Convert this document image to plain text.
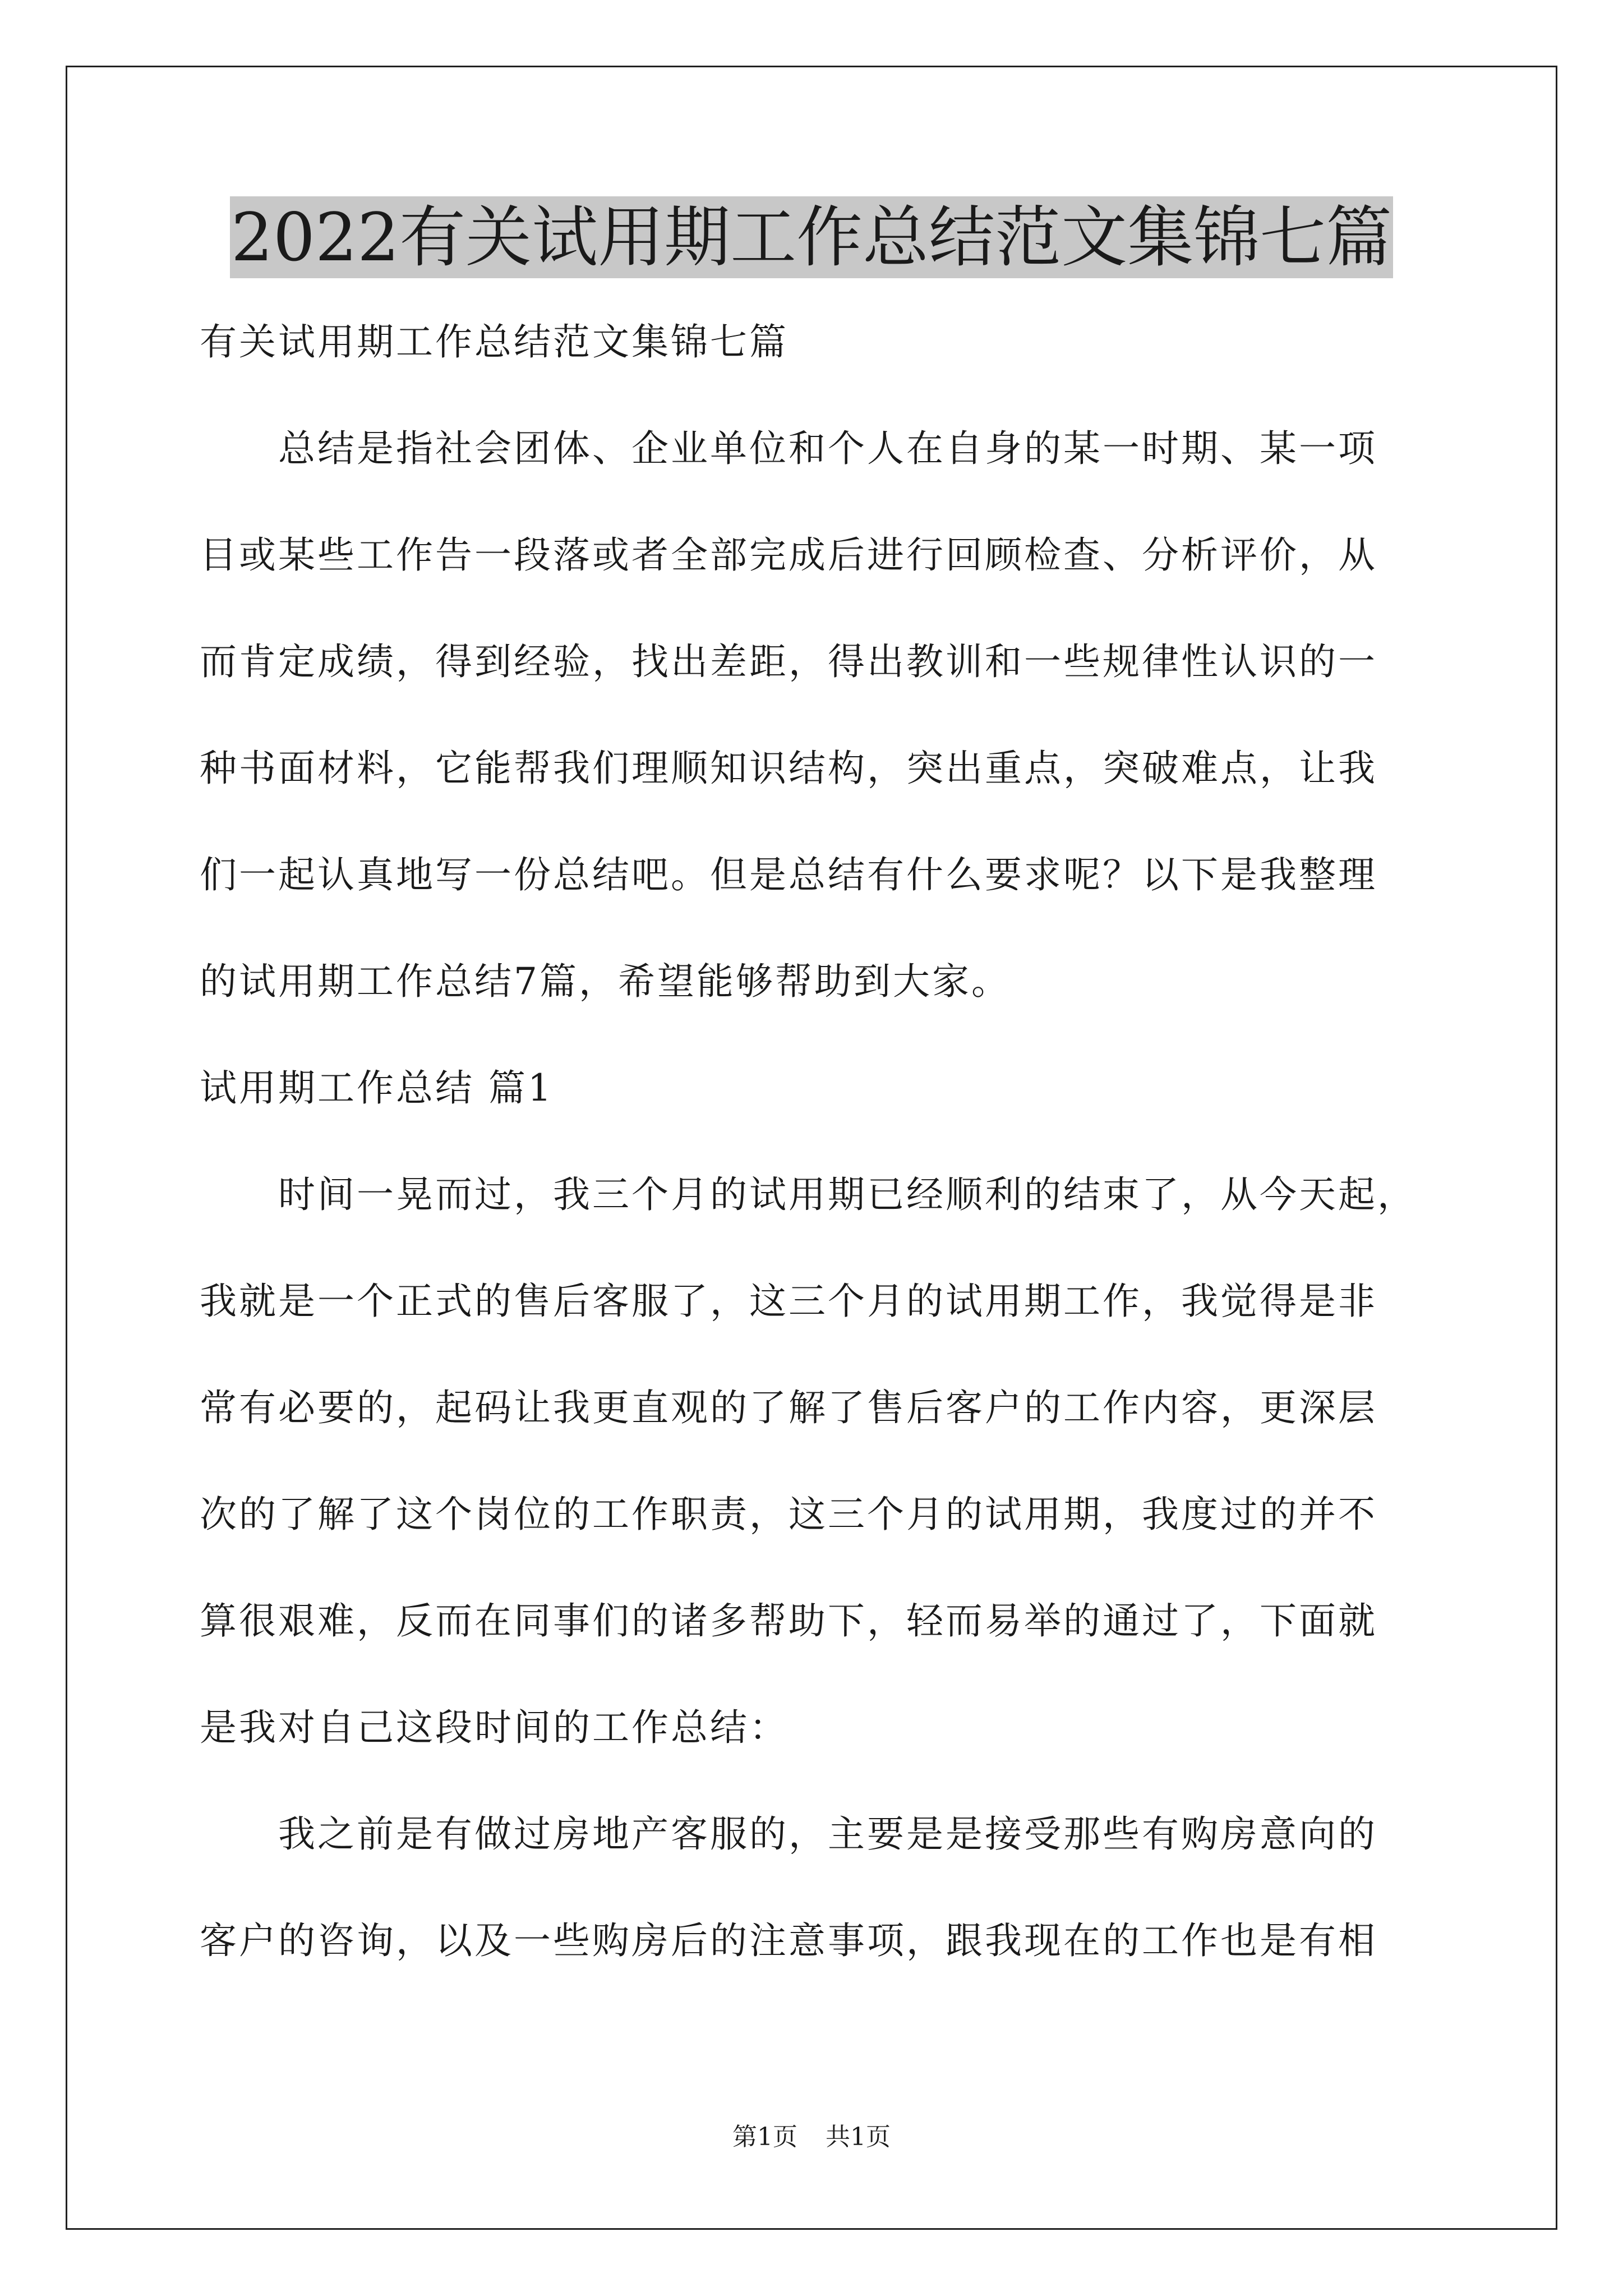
2022有关试用期工作总结范文集锦七篇
有关试用期工作总结范文集锦七篇
　　总结是指社会团体、企业单位和个人在自身的某一时期、某一项
目或某些工作告一段落或者全部完成后进行回顾检查、分析评价，从
而肯定成绩，得到经验，找出差距，得出教训和一些规律性认识的一
种书面材料，它能帮我们理顺知识结构，突出重点，突破难点，让我
们一起认真地写一份总结吧。但是总结有什么要求呢？以下是我整理
的试用期工作总结7篇，希望能够帮助到大家。
试用期工作总结 篇1
　　时间一晃而过，我三个月的试用期已经顺利的结束了，从今天起，
我就是一个正式的售后客服了，这三个月的试用期工作，我觉得是非
常有必要的，起码让我更直观的了解了售后客户的工作内容，更深层
次的了解了这个岗位的工作职责，这三个月的试用期，我度过的并不
算很艰难，反而在同事们的诸多帮助下，轻而易举的通过了，下面就
是我对自己这段时间的工作总结：
　　我之前是有做过房地产客服的，主要是是接受那些有购房意向的
客户的咨询，以及一些购房后的注意事项，跟我现在的工作也是有相
第1页 共1页
